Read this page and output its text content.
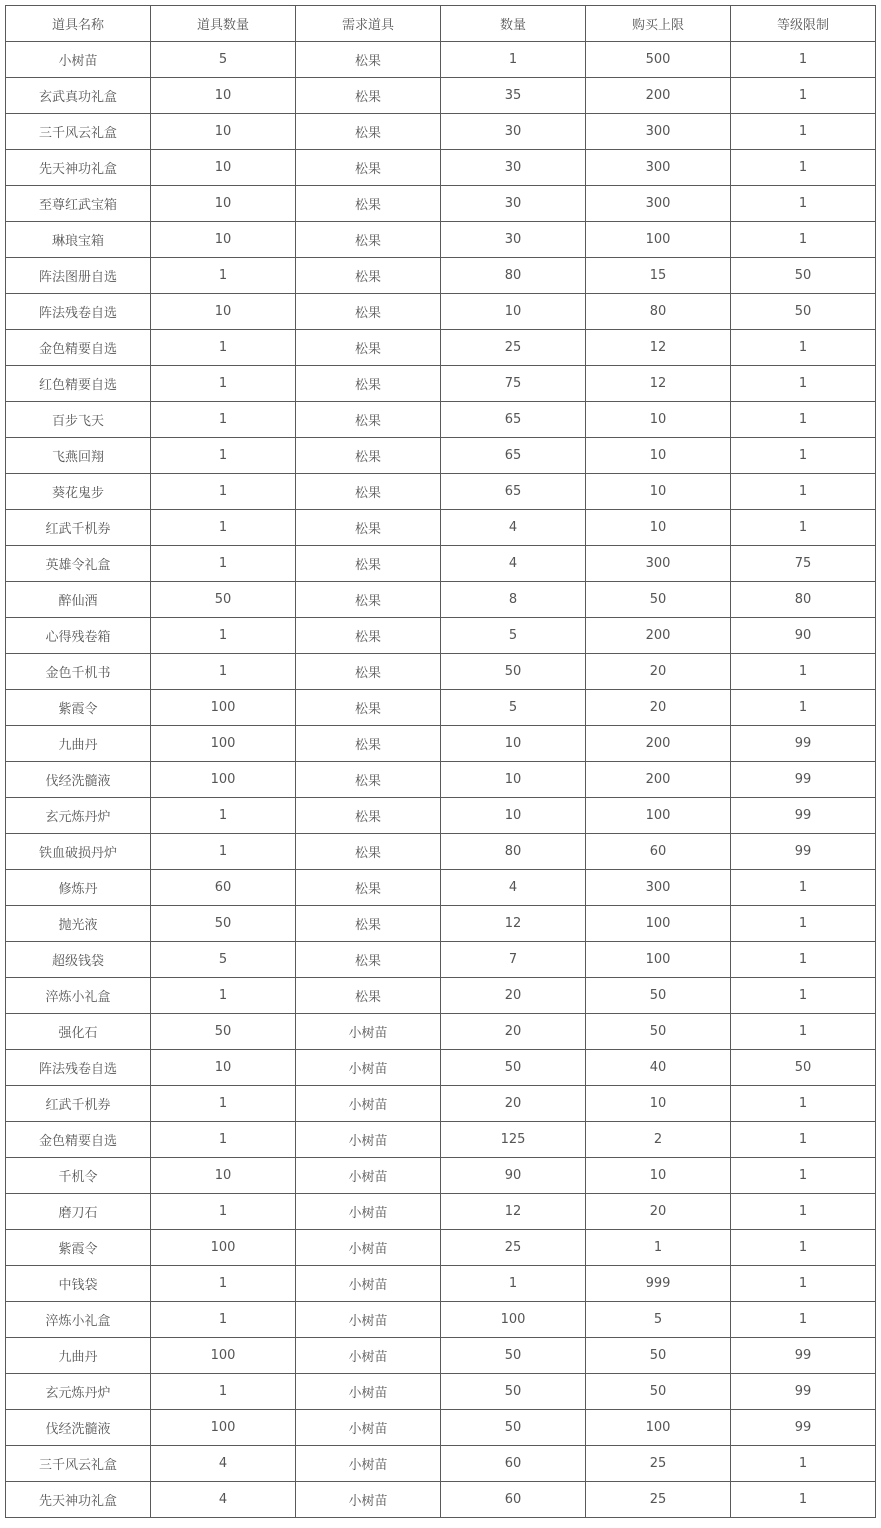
道具名称	道具数量	需求道具	数量	购买上限	等级限制
小树苗	5	松果	1	500	1
玄武真功礼盒	10	松果	35	200	1
三千风云礼盒	10	松果	30	300	1
先天神功礼盒	10	松果	30	300	1
至尊红武宝箱	10	松果	30	300	1
琳琅宝箱	10	松果	30	100	1
阵法图册自选	1	松果	80	15	50
阵法残卷自选	10	松果	10	80	50
金色精要自选	1	松果	25	12	1
红色精要自选	1	松果	75	12	1
百步飞天	1	松果	65	10	1
飞燕回翔	1	松果	65	10	1
葵花鬼步	1	松果	65	10	1
红武千机券	1	松果	4	10	1
英雄令礼盒	1	松果	4	300	75
醉仙酒	50	松果	8	50	80
心得残卷箱	1	松果	5	200	90
金色千机书	1	松果	50	20	1
紫霞令	100	松果	5	20	1
九曲丹	100	松果	10	200	99
伐经洗髓液	100	松果	10	200	99
玄元炼丹炉	1	松果	10	100	99
铁血破损丹炉	1	松果	80	60	99
修炼丹	60	松果	4	300	1
抛光液	50	松果	12	100	1
超级钱袋	5	松果	7	100	1
淬炼小礼盒	1	松果	20	50	1
强化石	50	小树苗	20	50	1
阵法残卷自选	10	小树苗	50	40	50
红武千机券	1	小树苗	20	10	1
金色精要自选	1	小树苗	125	2	1
千机令	10	小树苗	90	10	1
磨刀石	1	小树苗	12	20	1
紫霞令	100	小树苗	25	1	1
中钱袋	1	小树苗	1	999	1
淬炼小礼盒	1	小树苗	100	5	1
九曲丹	100	小树苗	50	50	99
玄元炼丹炉	1	小树苗	50	50	99
伐经洗髓液	100	小树苗	50	100	99
三千风云礼盒	4	小树苗	60	25	1
先天神功礼盒	4	小树苗	60	25	1
